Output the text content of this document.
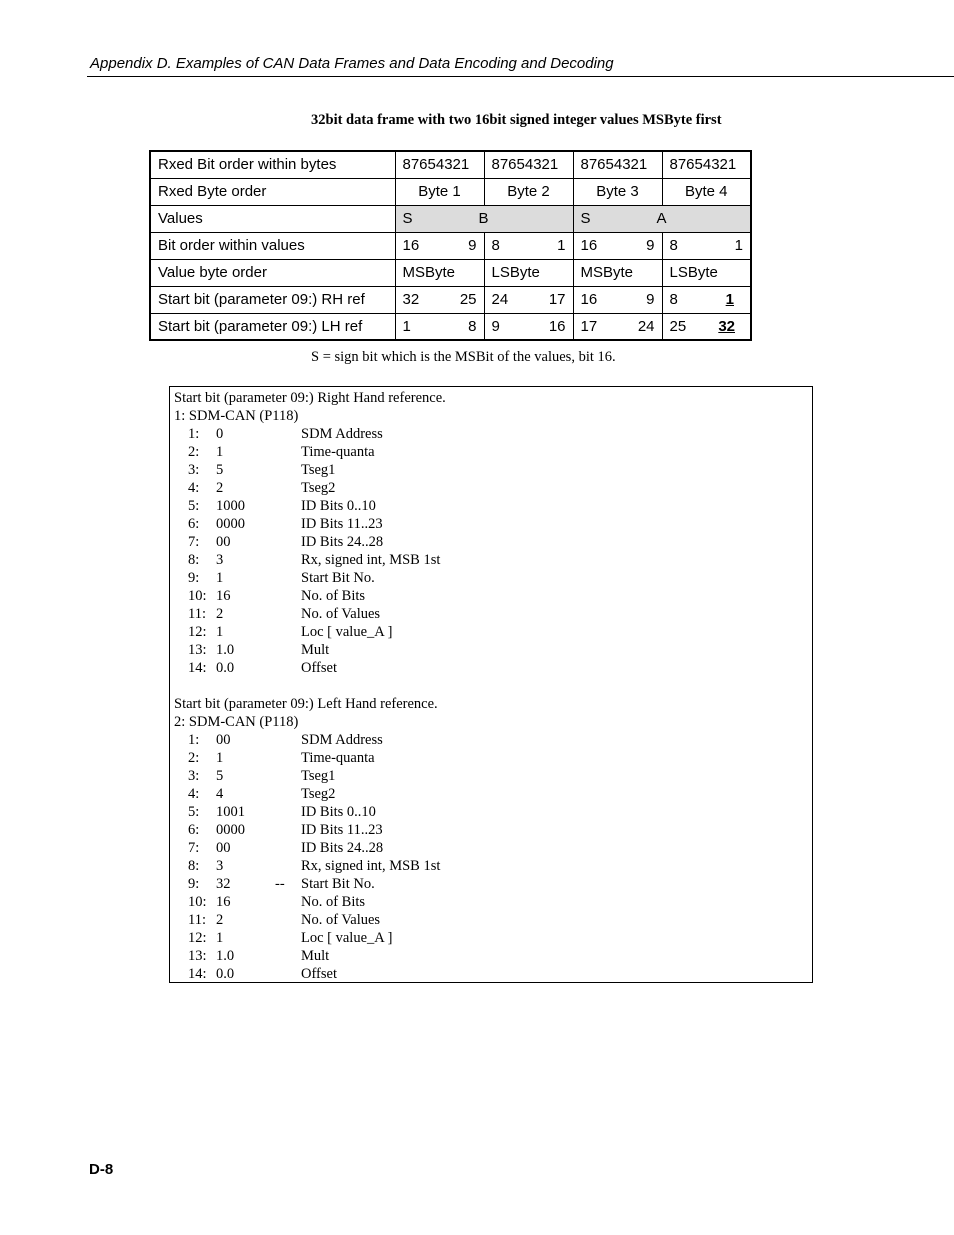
Appendix D. Examples of CAN Data Frames and Data Encoding and Decoding
32bit data frame with two 16bit signed integer values MSByte first
Rxed Bit order within bytes	87654321	87654321	87654321	87654321
Rxed Byte order	Byte 1	Byte 2	Byte 3	Byte 4
Values	S B		S A	

Bit order within values	16 9	8 1	16 9	8 1

Value byte order	MSByte	LSByte	MSByte	LSByte
Start bit (parameter 09:) RH ref	32 25	24 17	16 9	8 1

Start bit (parameter 09:) LH ref	1 8	9 16	17 24	25 32
S = sign bit which is the MSBit of the values, bit 16.
Start bit (parameter 09:) Right Hand reference.
1: SDM-CAN (P118)
1:	0	SDM Address
2:	1	Time-quanta
3:	5	Tseg1
4:	2	Tseg2
5:	1000	ID Bits 0..10
6:	0000	ID Bits 11..23
7:	00	ID Bits 24..28
8:	3	Rx, signed int, MSB 1st
9:	1	Start Bit No.
10: 16	No. of Bits
11: 2	No. of Values
12: 1	Loc [ value_A ]
13: 1.0	Mult
14: 0.0	Offset
Start bit (parameter 09:) Left Hand reference.
2: SDM-CAN (P118)
1:	00	SDM Address
2:	1	Time-quanta
3:	5	Tseg1
4:	4	Tseg2
5:	1001	ID Bits 0..10
6:	0000	ID Bits 11..23
7:	00	ID Bits 24..28
8:	3	Rx, signed int, MSB 1st
9:	32	--	Start Bit No.
10: 16	No. of Bits
11: 2	No. of Values
12: 1	Loc [ value_A ]
13: 1.0	Mult
14: 0.0	Offset
D-8
